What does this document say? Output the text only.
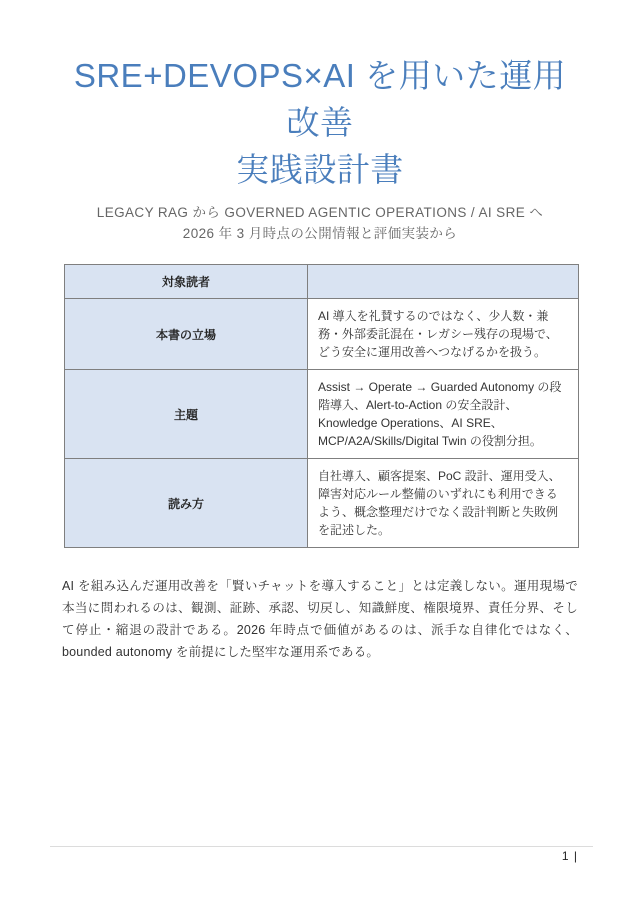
SRE+DEVOPS×AI を用いた運用改善
実践設計書

LEGACY RAG から GOVERNED AGENTIC OPERATIONS / AI SRE へ
2026 年 3 月時点の公開情報と評価実装から

対象読者	
本書の立場	AI 導入を礼賛するのではなく、少人数・兼務・外部委託混在・レガシー残存の現場で、どう安全に運用改善へつなげるかを扱う。
主題	Assist → Operate → Guarded Autonomy の段階導入、Alert-to-Action の安全設計、Knowledge Operations、AI SRE、MCP/A2A/Skills/Digital Twin の役割分担。
読み方	自社導入、顧客提案、PoC 設計、運用受入、障害対応ルール整備のいずれにも利用できるよう、概念整理だけでなく設計判断と失敗例を記述した。

AI を組み込んだ運用改善を「賢いチャットを導入すること」とは定義しない。運用現場で本当に問われるのは、観測、証跡、承認、切戻し、知識鮮度、権限境界、責任分界、そして停止・縮退の設計である。2026 年時点で価値があるのは、派手な自律化ではなく、bounded autonomy を前提にした堅牢な運用系である。

1 |
